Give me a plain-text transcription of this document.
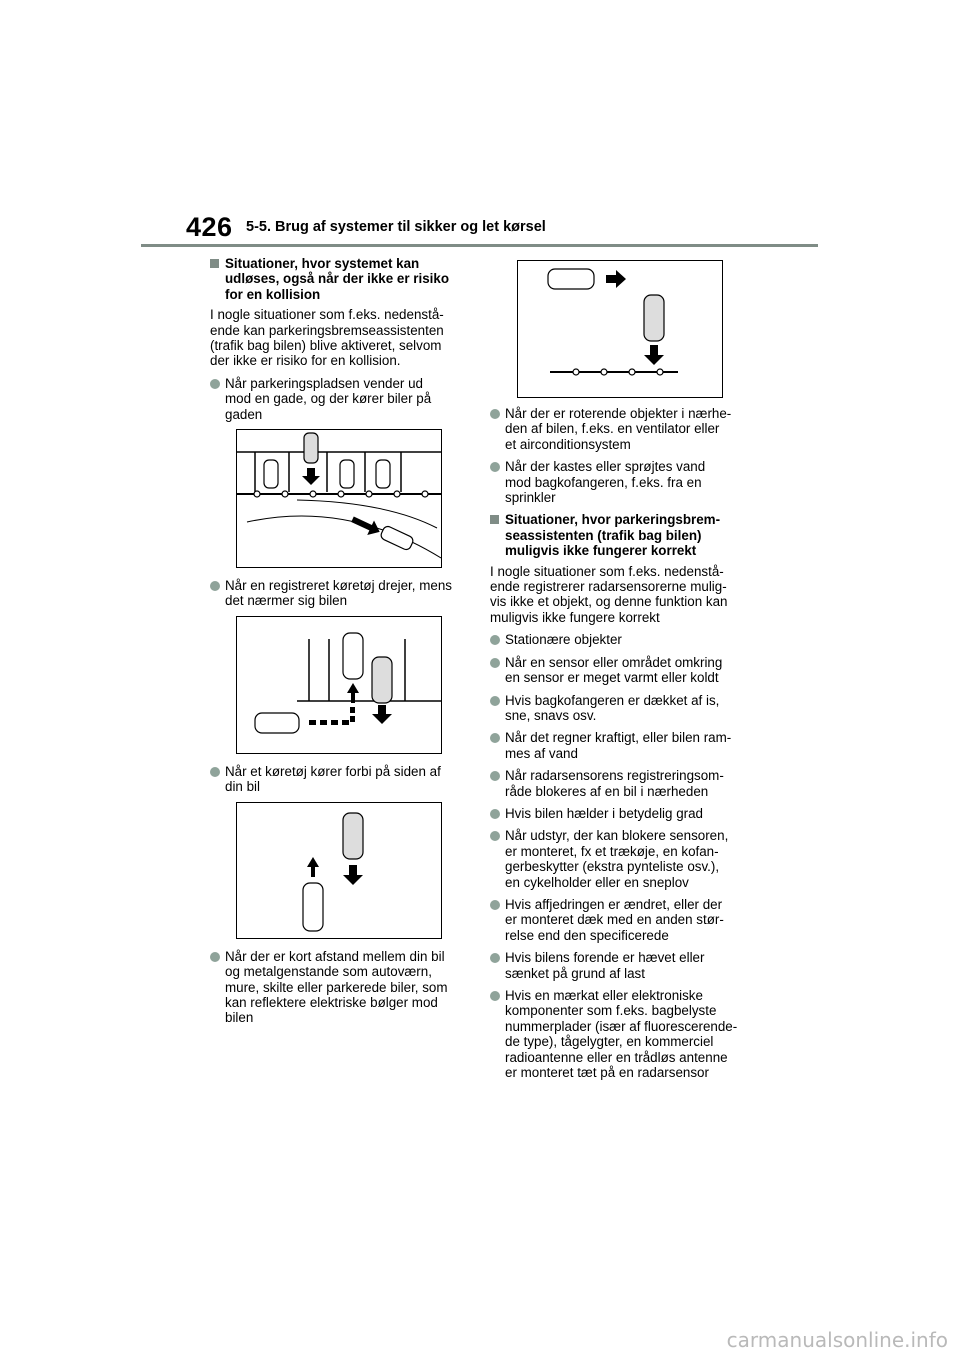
426 5-5. Brug af systemer til sikker og let kørsel
Situationer, hvor systemet kan
udløses, også når der ikke er risiko
for en kollision
I nogle situationer som f.eks. nedenstå-
ende kan parkeringsbremseassistenten
(trafik bag bilen) blive aktiveret, selvom
der ikke er risiko for en kollision.
Når parkeringspladsen vender ud
mod en gade, og der kører biler på
gaden
Når en registreret køretøj drejer, mens
det nærmer sig bilen
Når et køretøj kører forbi på siden af
din bil
Når der er kort afstand mellem din bil
og metalgenstande som autoværn,
mure, skilte eller parkerede biler, som
kan reflektere elektriske bølger mod
bilen
Når der er roterende objekter i nærhe-
den af bilen, f.eks. en ventilator eller
et airconditionsystem
Når der kastes eller sprøjtes vand
mod bagkofangeren, f.eks. fra en
sprinkler
Situationer, hvor parkeringsbrem-
seassistenten (trafik bag bilen)
muligvis ikke fungerer korrekt
I nogle situationer som f.eks. nedenstå-
ende registrerer radarsensorerne mulig-
vis ikke et objekt, og denne funktion kan
muligvis ikke fungere korrekt
Stationære objekter
Når en sensor eller området omkring
en sensor er meget varmt eller koldt
Hvis bagkofangeren er dækket af is,
sne, snavs osv.
Når det regner kraftigt, eller bilen ram-
mes af vand
Når radarsensorens registreringsom-
råde blokeres af en bil i nærheden
Hvis bilen hælder i betydelig grad
Når udstyr, der kan blokere sensoren,
er monteret, fx et trækøje, en kofan-
gerbeskytter (ekstra pynteliste osv.),
en cykelholder eller en sneplov
Hvis affjedringen er ændret, eller der
er monteret dæk med en anden stør-
relse end den specificerede
Hvis bilens forende er hævet eller
sænket på grund af last
Hvis en mærkat eller elektroniske
komponenter som f.eks. bagbelyste
nummerplader (især af fluorescerende-
de type), tågelygter, en kommerciel
radioantenne eller en trådløs antenne
er monteret tæt på en radarsensor
carmanualsonline.info
